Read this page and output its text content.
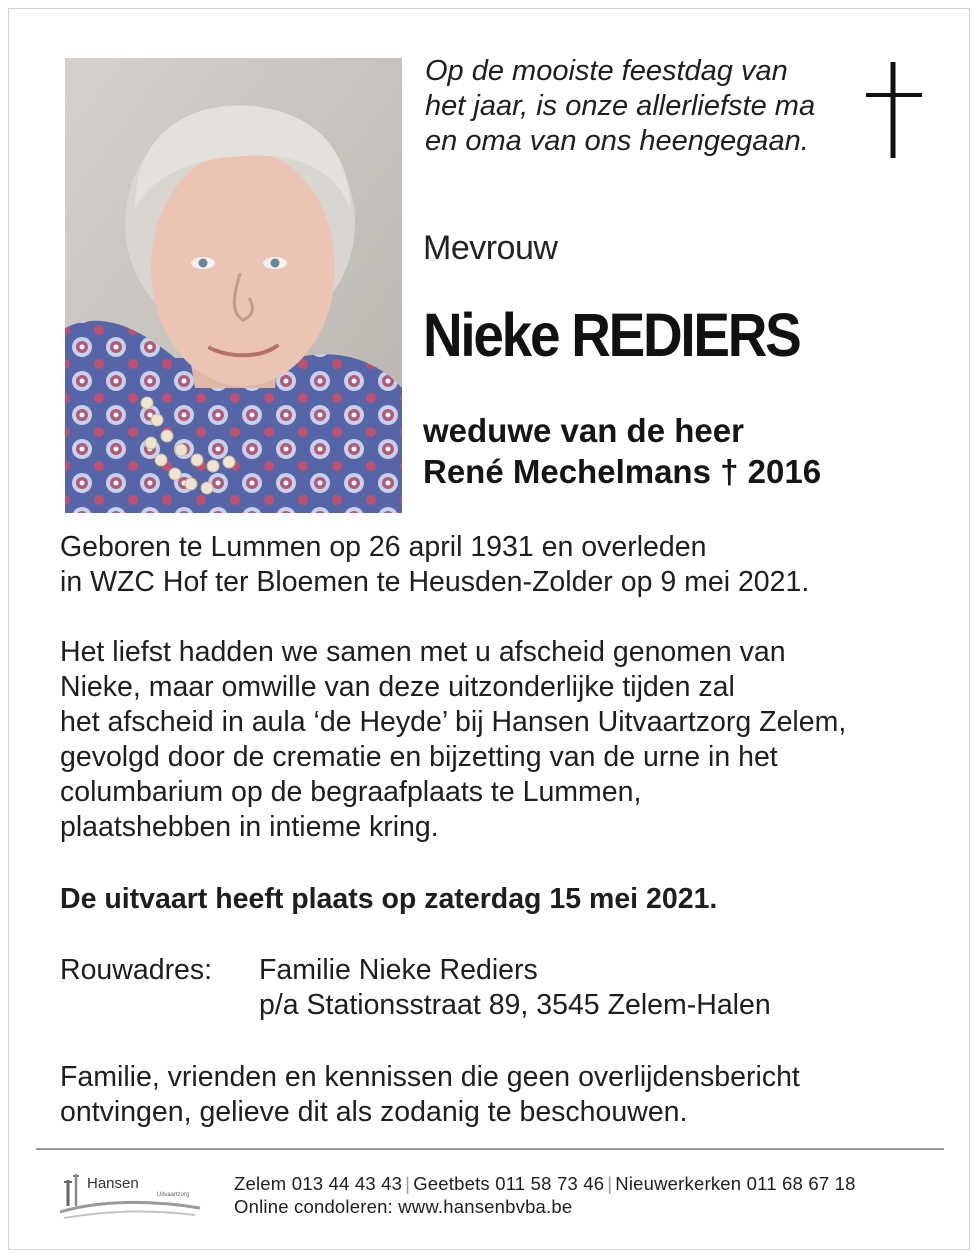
Op de mooiste feestdag van
het jaar, is onze allerliefste ma
en oma van ons heengegaan.
Mevrouw
Nieke REDIERS
weduwe van de heer
René Mechelmans † 2016
Geboren te Lummen op 26 april 1931 en overleden
in WZC Hof ter Bloemen te Heusden-Zolder op 9 mei 2021.
Het liefst hadden we samen met u afscheid genomen van
Nieke, maar omwille van deze uitzonderlijke tijden zal
het afscheid in aula ‘de Heyde’ bij Hansen Uitvaartzorg Zelem,
gevolgd door de crematie en bijzetting van de urne in het
columbarium op de begraafplaats te Lummen,
plaatshebben in intieme kring.
De uitvaart heeft plaats op zaterdag 15 mei 2021.
Rouwadres: Familie Nieke Rediers
p/a Stationsstraat 89, 3545 Zelem-Halen
Familie, vrienden en kennissen die geen overlijdensbericht
ontvingen, gelieve dit als zodanig te beschouwen.
Hansen
Uitvaartzorg
Zelem 013 44 43 43 | Geetbets 011 58 73 46 | Nieuwerkerken 011 68 67 18
Online condoleren: www.hansenbvba.be
